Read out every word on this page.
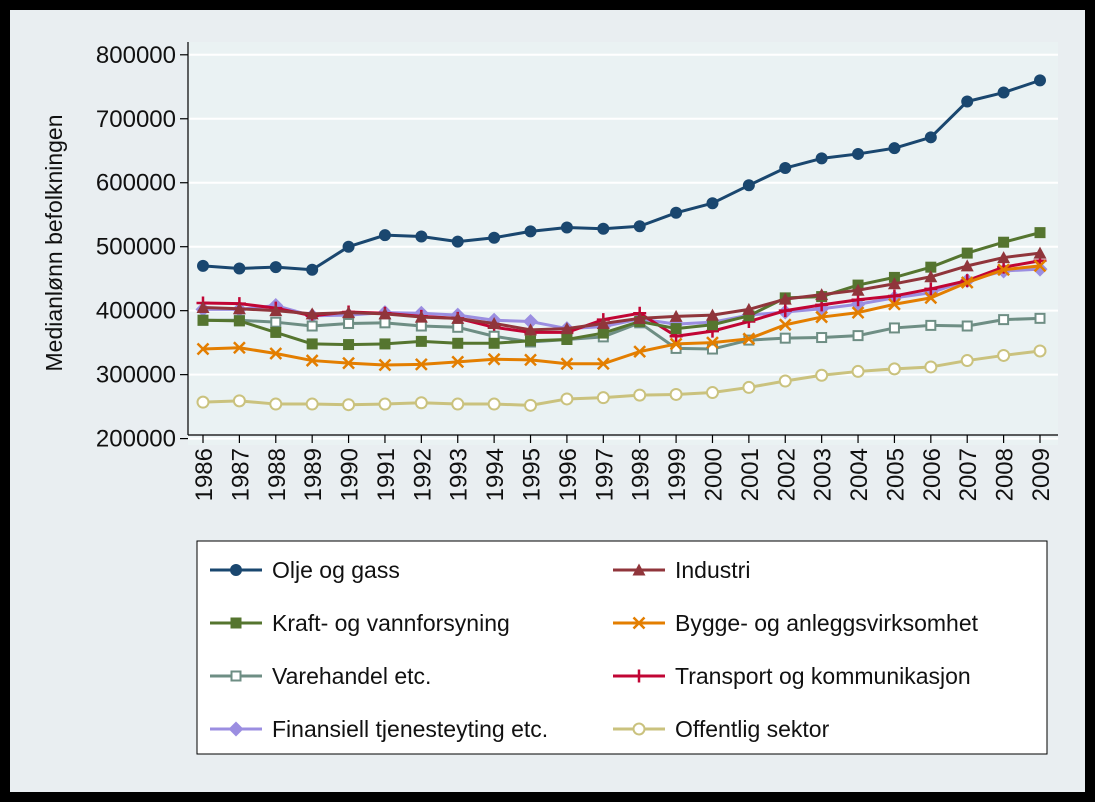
200000
300000
400000
500000
600000
700000
800000
1986 1987 1988 1989 1990 1991 1992 1993 1994 1995 1996 1997 1998 1999 2000 2001 2002 2003 2004 2005 2006 2007 2008 2009
Medianlønn befolkningen
Olje og gass	Industri
Kraft- og vannforsyning	Bygge- og anleggsvirksomhet
Varehandel etc.	Transport og kommunikasjon
Finansiell tjenesteyting etc.	Offentlig sektor
